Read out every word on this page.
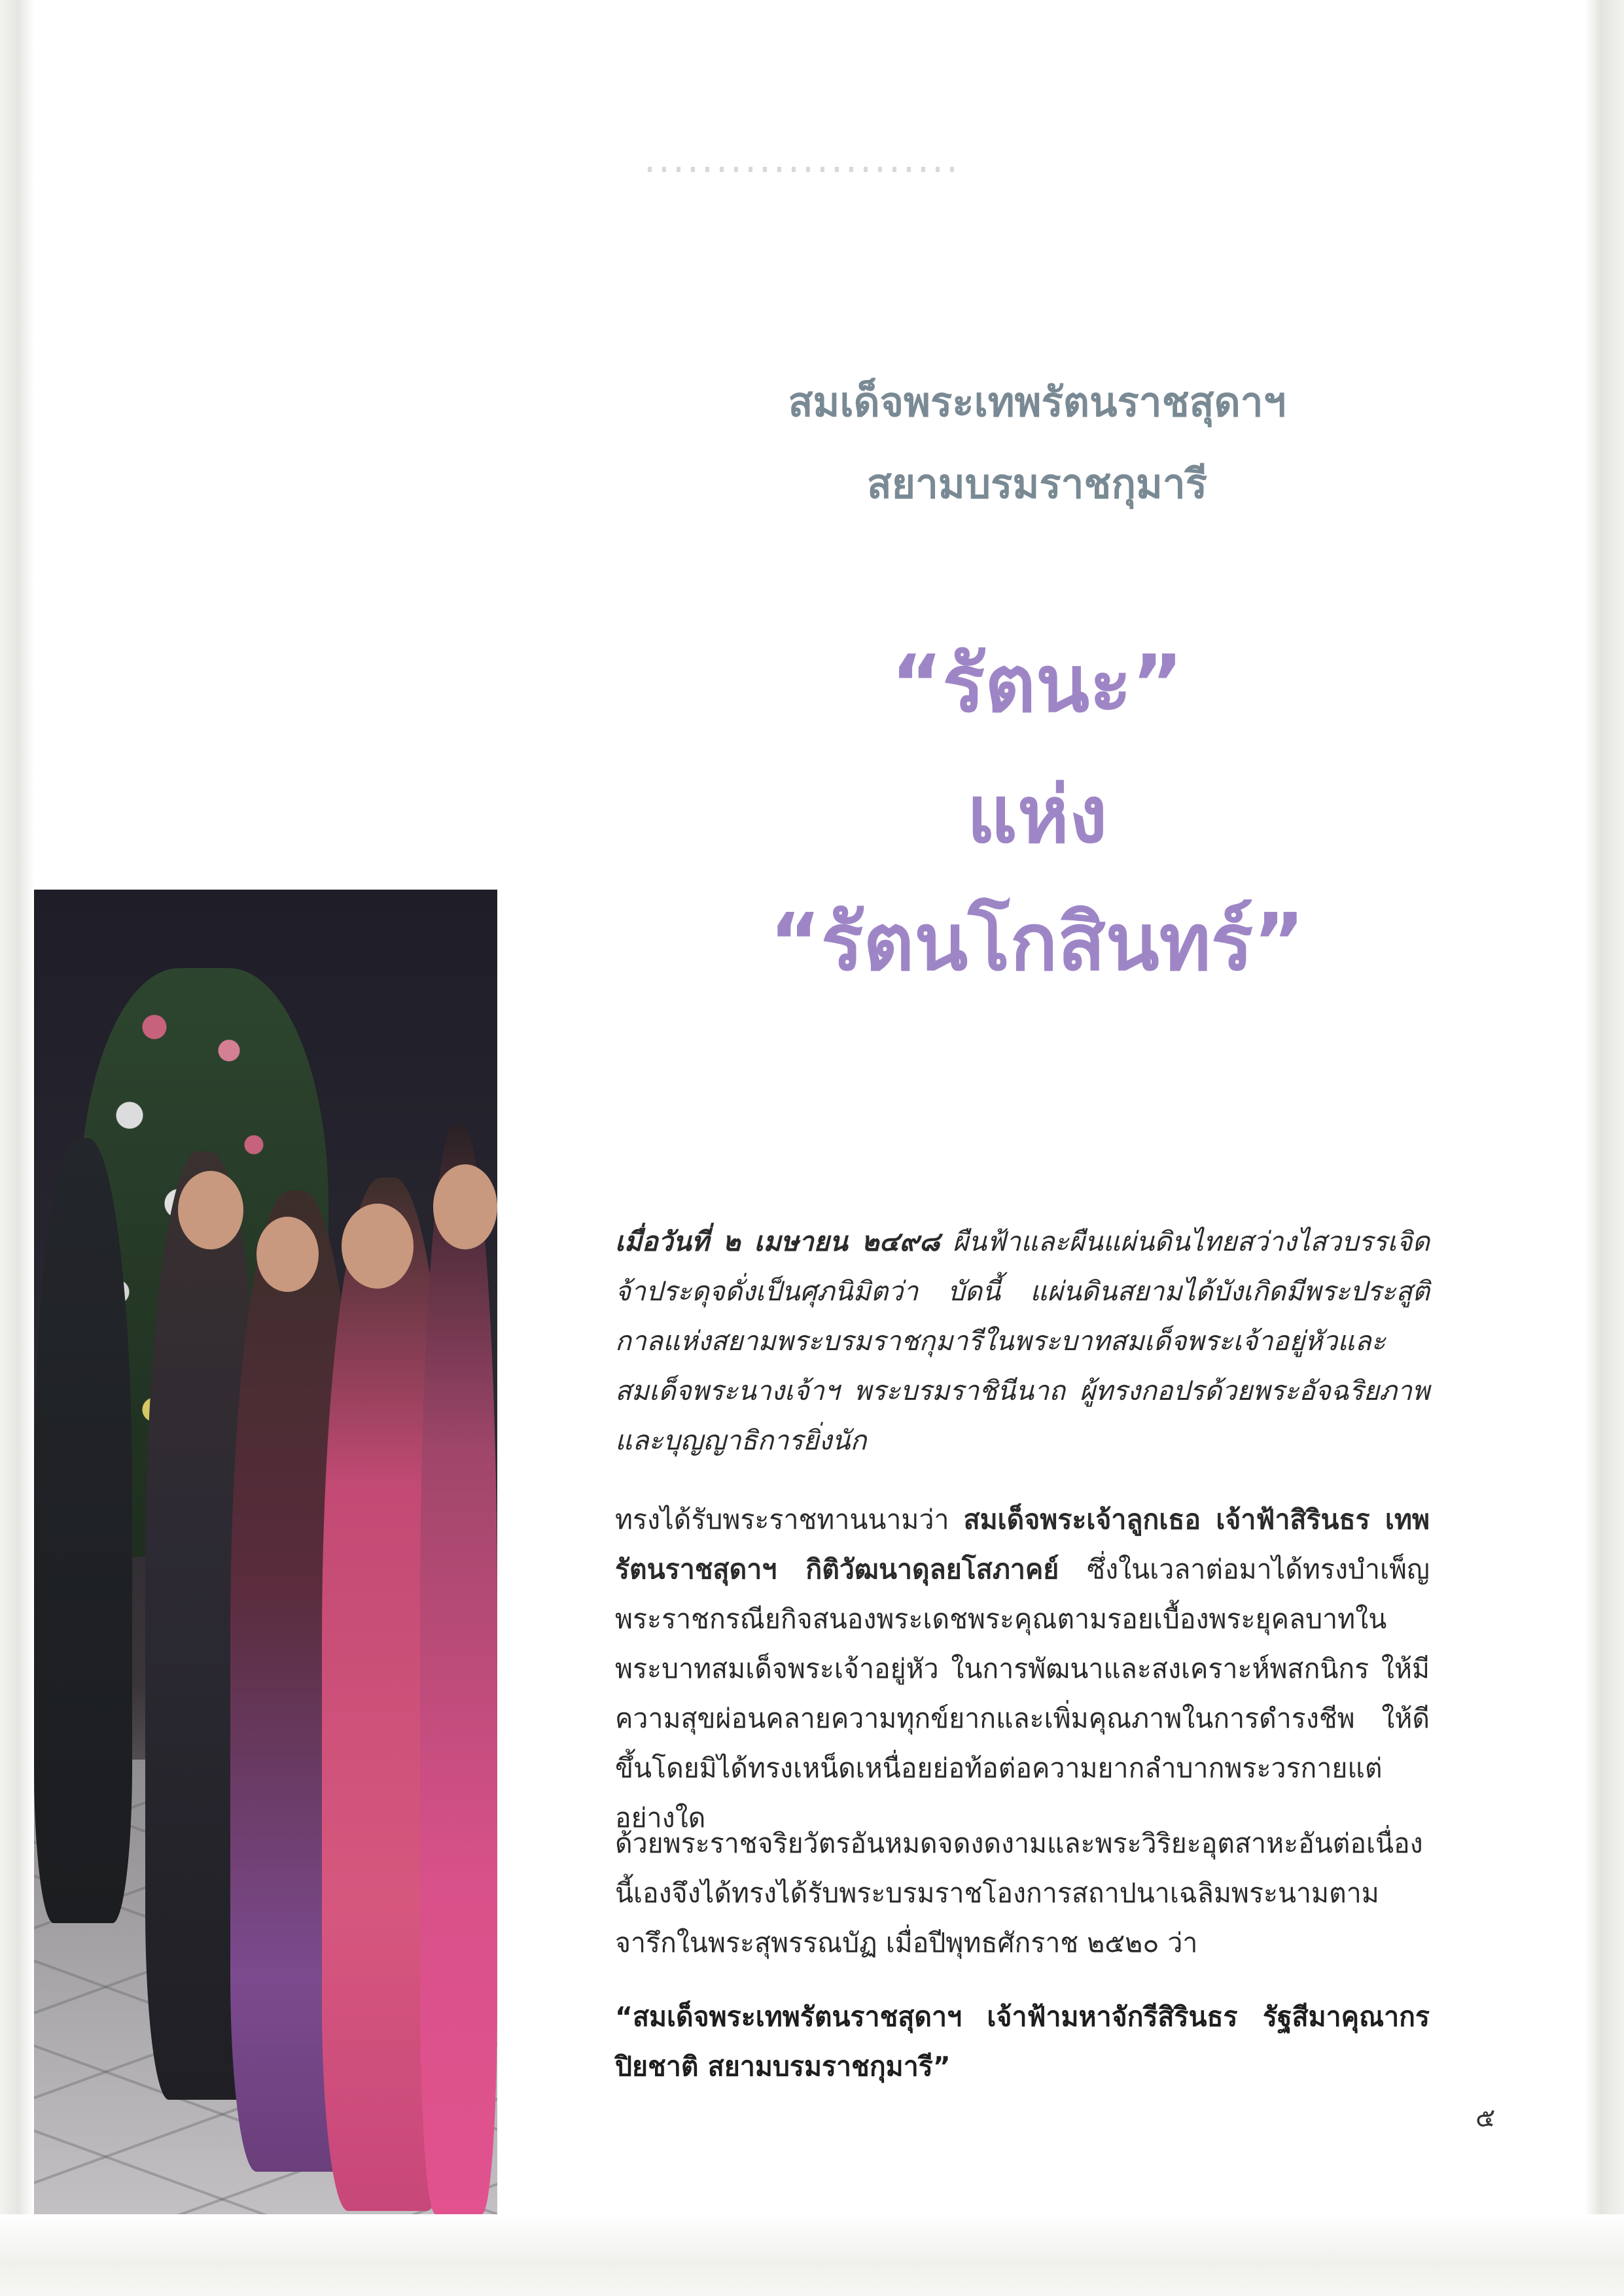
สมเด็จพระเทพรัตนราชสุดาฯ
สยามบรมราชกุมารี
“รัตนะ”
แห่ง
“รัตนโกสินทร์”

เมื่อวันที่ ๒ เมษายน ๒๔๙๘ ผืนฟ้าและผืนแผ่นดินไทยสว่างไสวบรรเจิดจ้าประดุจดั่งเป็นศุภนิมิตว่า บัดนี้ แผ่นดินสยามได้บังเกิดมีพระประสูติกาลแห่งสยามพระบรมราชกุมารีในพระบาทสมเด็จพระเจ้าอยู่หัวและสมเด็จพระนางเจ้าฯ พระบรมราชินีนาถ ผู้ทรงกอปรด้วยพระอัจฉริยภาพและบุญญาธิการยิ่งนัก

ทรงได้รับพระราชทานนามว่า สมเด็จพระเจ้าลูกเธอ เจ้าฟ้าสิรินธร เทพรัตนราชสุดาฯ กิติวัฒนาดุลยโสภาคย์ ซึ่งในเวลาต่อมาได้ทรงบำเพ็ญพระราชกรณียกิจสนองพระเดชพระคุณตามรอยเบื้องพระยุคลบาทในพระบาทสมเด็จพระเจ้าอยู่หัว ในการพัฒนาและสงเคราะห์พสกนิกร ให้มีความสุขผ่อนคลายความทุกข์ยากและเพิ่มคุณภาพในการดำรงชีพ ให้ดีขึ้นโดยมิได้ทรงเหน็ดเหนื่อยย่อท้อต่อความยากลำบากพระวรกายแต่อย่างใด

ด้วยพระราชจริยวัตรอันหมดจดงดงามและพระวิริยะอุตสาหะอันต่อเนื่องนี้เองจึงได้ทรงได้รับพระบรมราชโองการสถาปนาเฉลิมพระนามตามจารึกในพระสุพรรณบัฏ เมื่อปีพุทธศักราช ๒๕๒๐ ว่า

“สมเด็จพระเทพรัตนราชสุดาฯ เจ้าฟ้ามหาจักรีสิรินธร รัฐสีมาคุณากรปิยชาติ สยามบรมราชกุมารี”

๕
